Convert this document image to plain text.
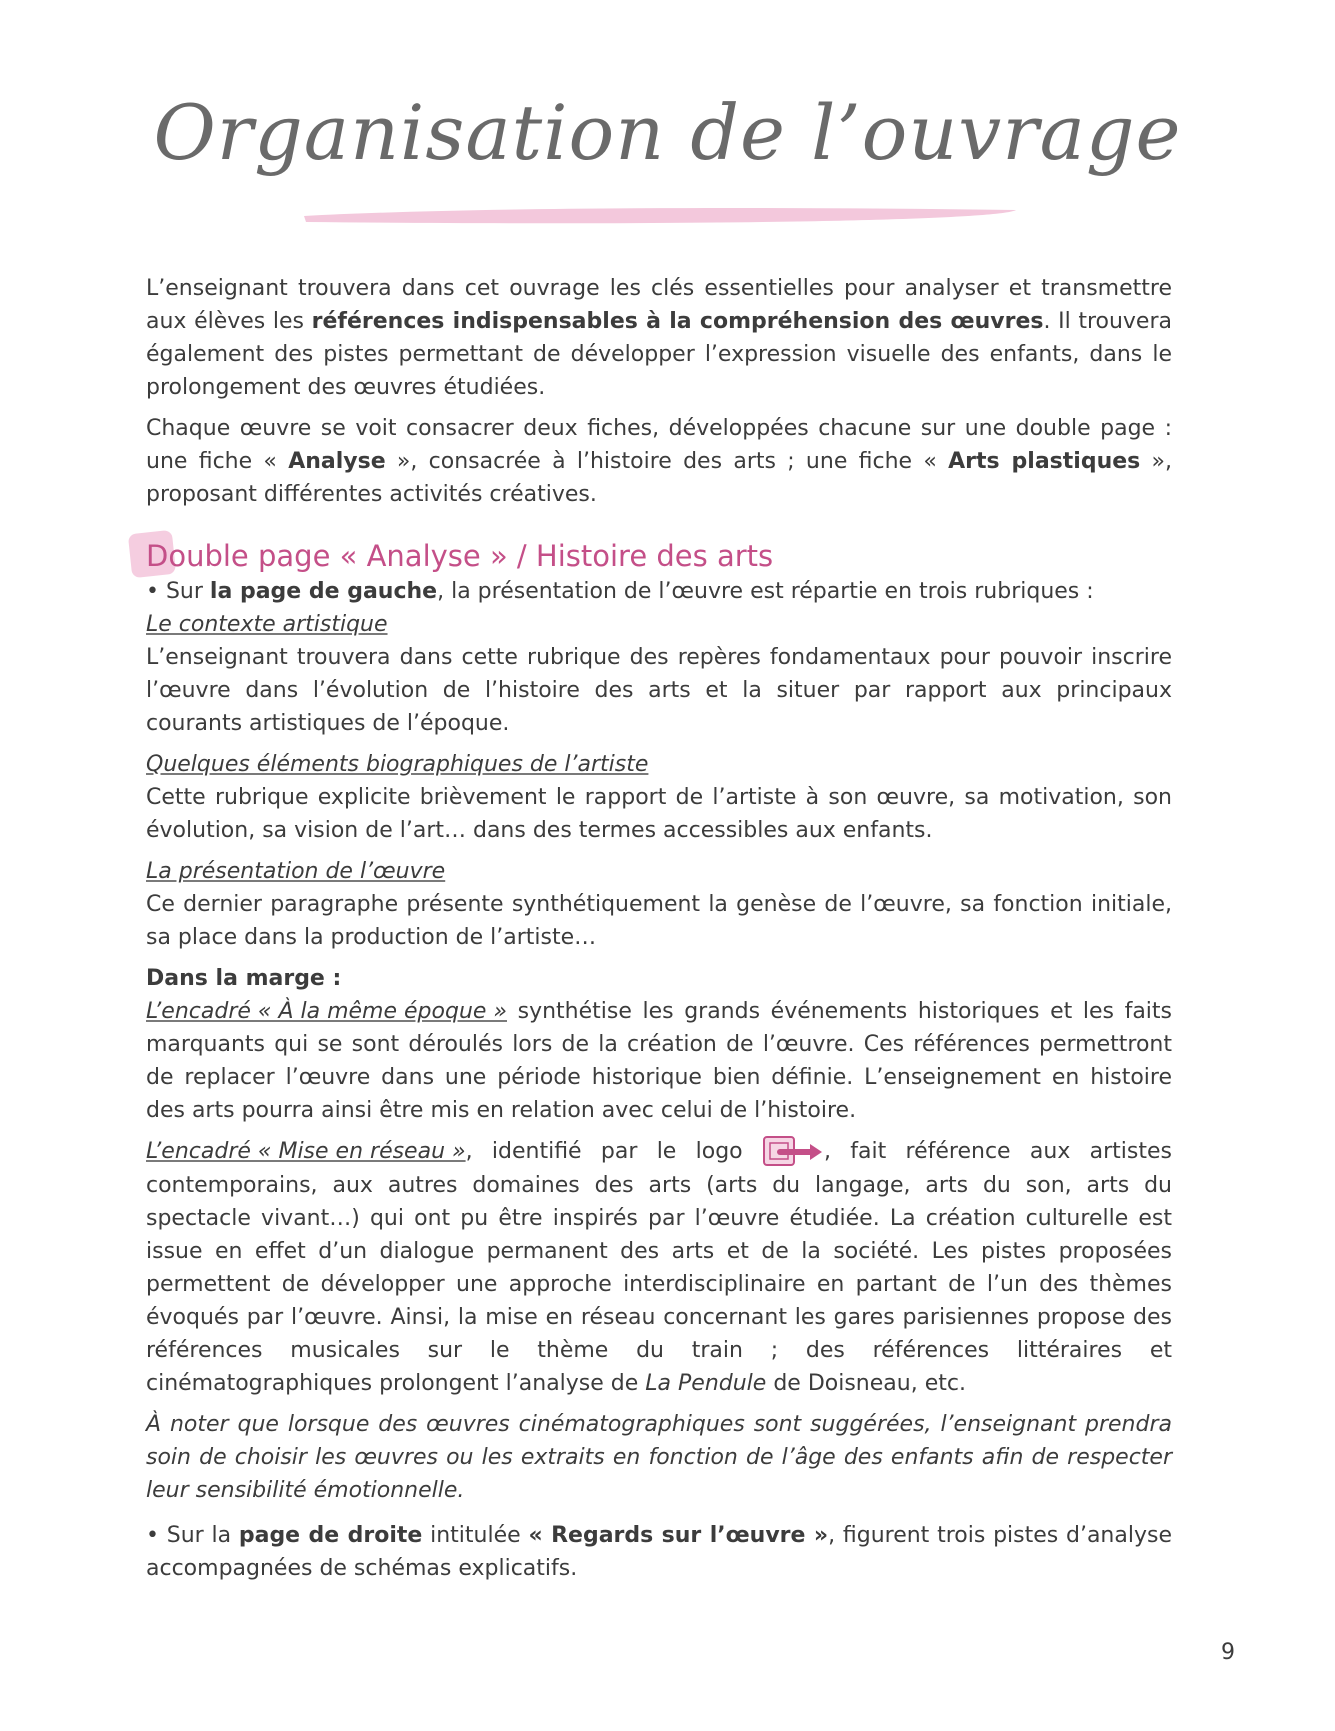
Organisation de l’ouvrage

L’enseignant trouvera dans cet ouvrage les clés essentielles pour analyser et transmettre aux élèves les références indispensables à la compréhension des œuvres. Il trouvera également des pistes permettant de développer l’expression visuelle des enfants, dans le prolongement des œuvres étudiées.

Chaque œuvre se voit consacrer deux fiches, développées chacune sur une double page : une fiche « Analyse », consacrée à l’histoire des arts ; une fiche « Arts plastiques », proposant différentes activités créatives.

Double page « Analyse » / Histoire des arts

• Sur la page de gauche, la présentation de l’œuvre est répartie en trois rubriques :

Le contexte artistique

L’enseignant trouvera dans cette rubrique des repères fondamentaux pour pouvoir inscrire l’œuvre dans l’évolution de l’histoire des arts et la situer par rapport aux principaux courants artistiques de l’époque.

Quelques éléments biographiques de l’artiste

Cette rubrique explicite brièvement le rapport de l’artiste à son œuvre, sa motivation, son évolution, sa vision de l’art… dans des termes accessibles aux enfants.

La présentation de l’œuvre

Ce dernier paragraphe présente synthétiquement la genèse de l’œuvre, sa fonction initiale, sa place dans la production de l’artiste…

Dans la marge :

L’encadré « À la même époque » synthétise les grands événements historiques et les faits marquants qui se sont déroulés lors de la création de l’œuvre. Ces références permettront de replacer l’œuvre dans une période historique bien définie. L’enseignement en histoire des arts pourra ainsi être mis en relation avec celui de l’histoire.

L’encadré « Mise en réseau », identifié par le logo	, fait référence aux artistes contemporains, aux autres domaines des arts (arts du langage, arts du son, arts du spectacle vivant…) qui ont pu être inspirés par l’œuvre étudiée. La création culturelle est issue en effet d’un dialogue permanent des arts et de la société. Les pistes proposées permettent de développer une approche interdisciplinaire en partant de l’un des thèmes évoqués par l’œuvre. Ainsi, la mise en réseau concernant les gares parisiennes propose des références musicales sur le thème du train ; des références littéraires et cinématographiques prolongent l’analyse de La Pendule de Doisneau, etc.

À noter que lorsque des œuvres cinématographiques sont suggérées, l’enseignant prendra soin de choisir les œuvres ou les extraits en fonction de l’âge des enfants afin de respecter leur sensibilité émotionnelle.

• Sur la page de droite intitulée « Regards sur l’œuvre », figurent trois pistes d’analyse accompagnées de schémas explicatifs.

9
